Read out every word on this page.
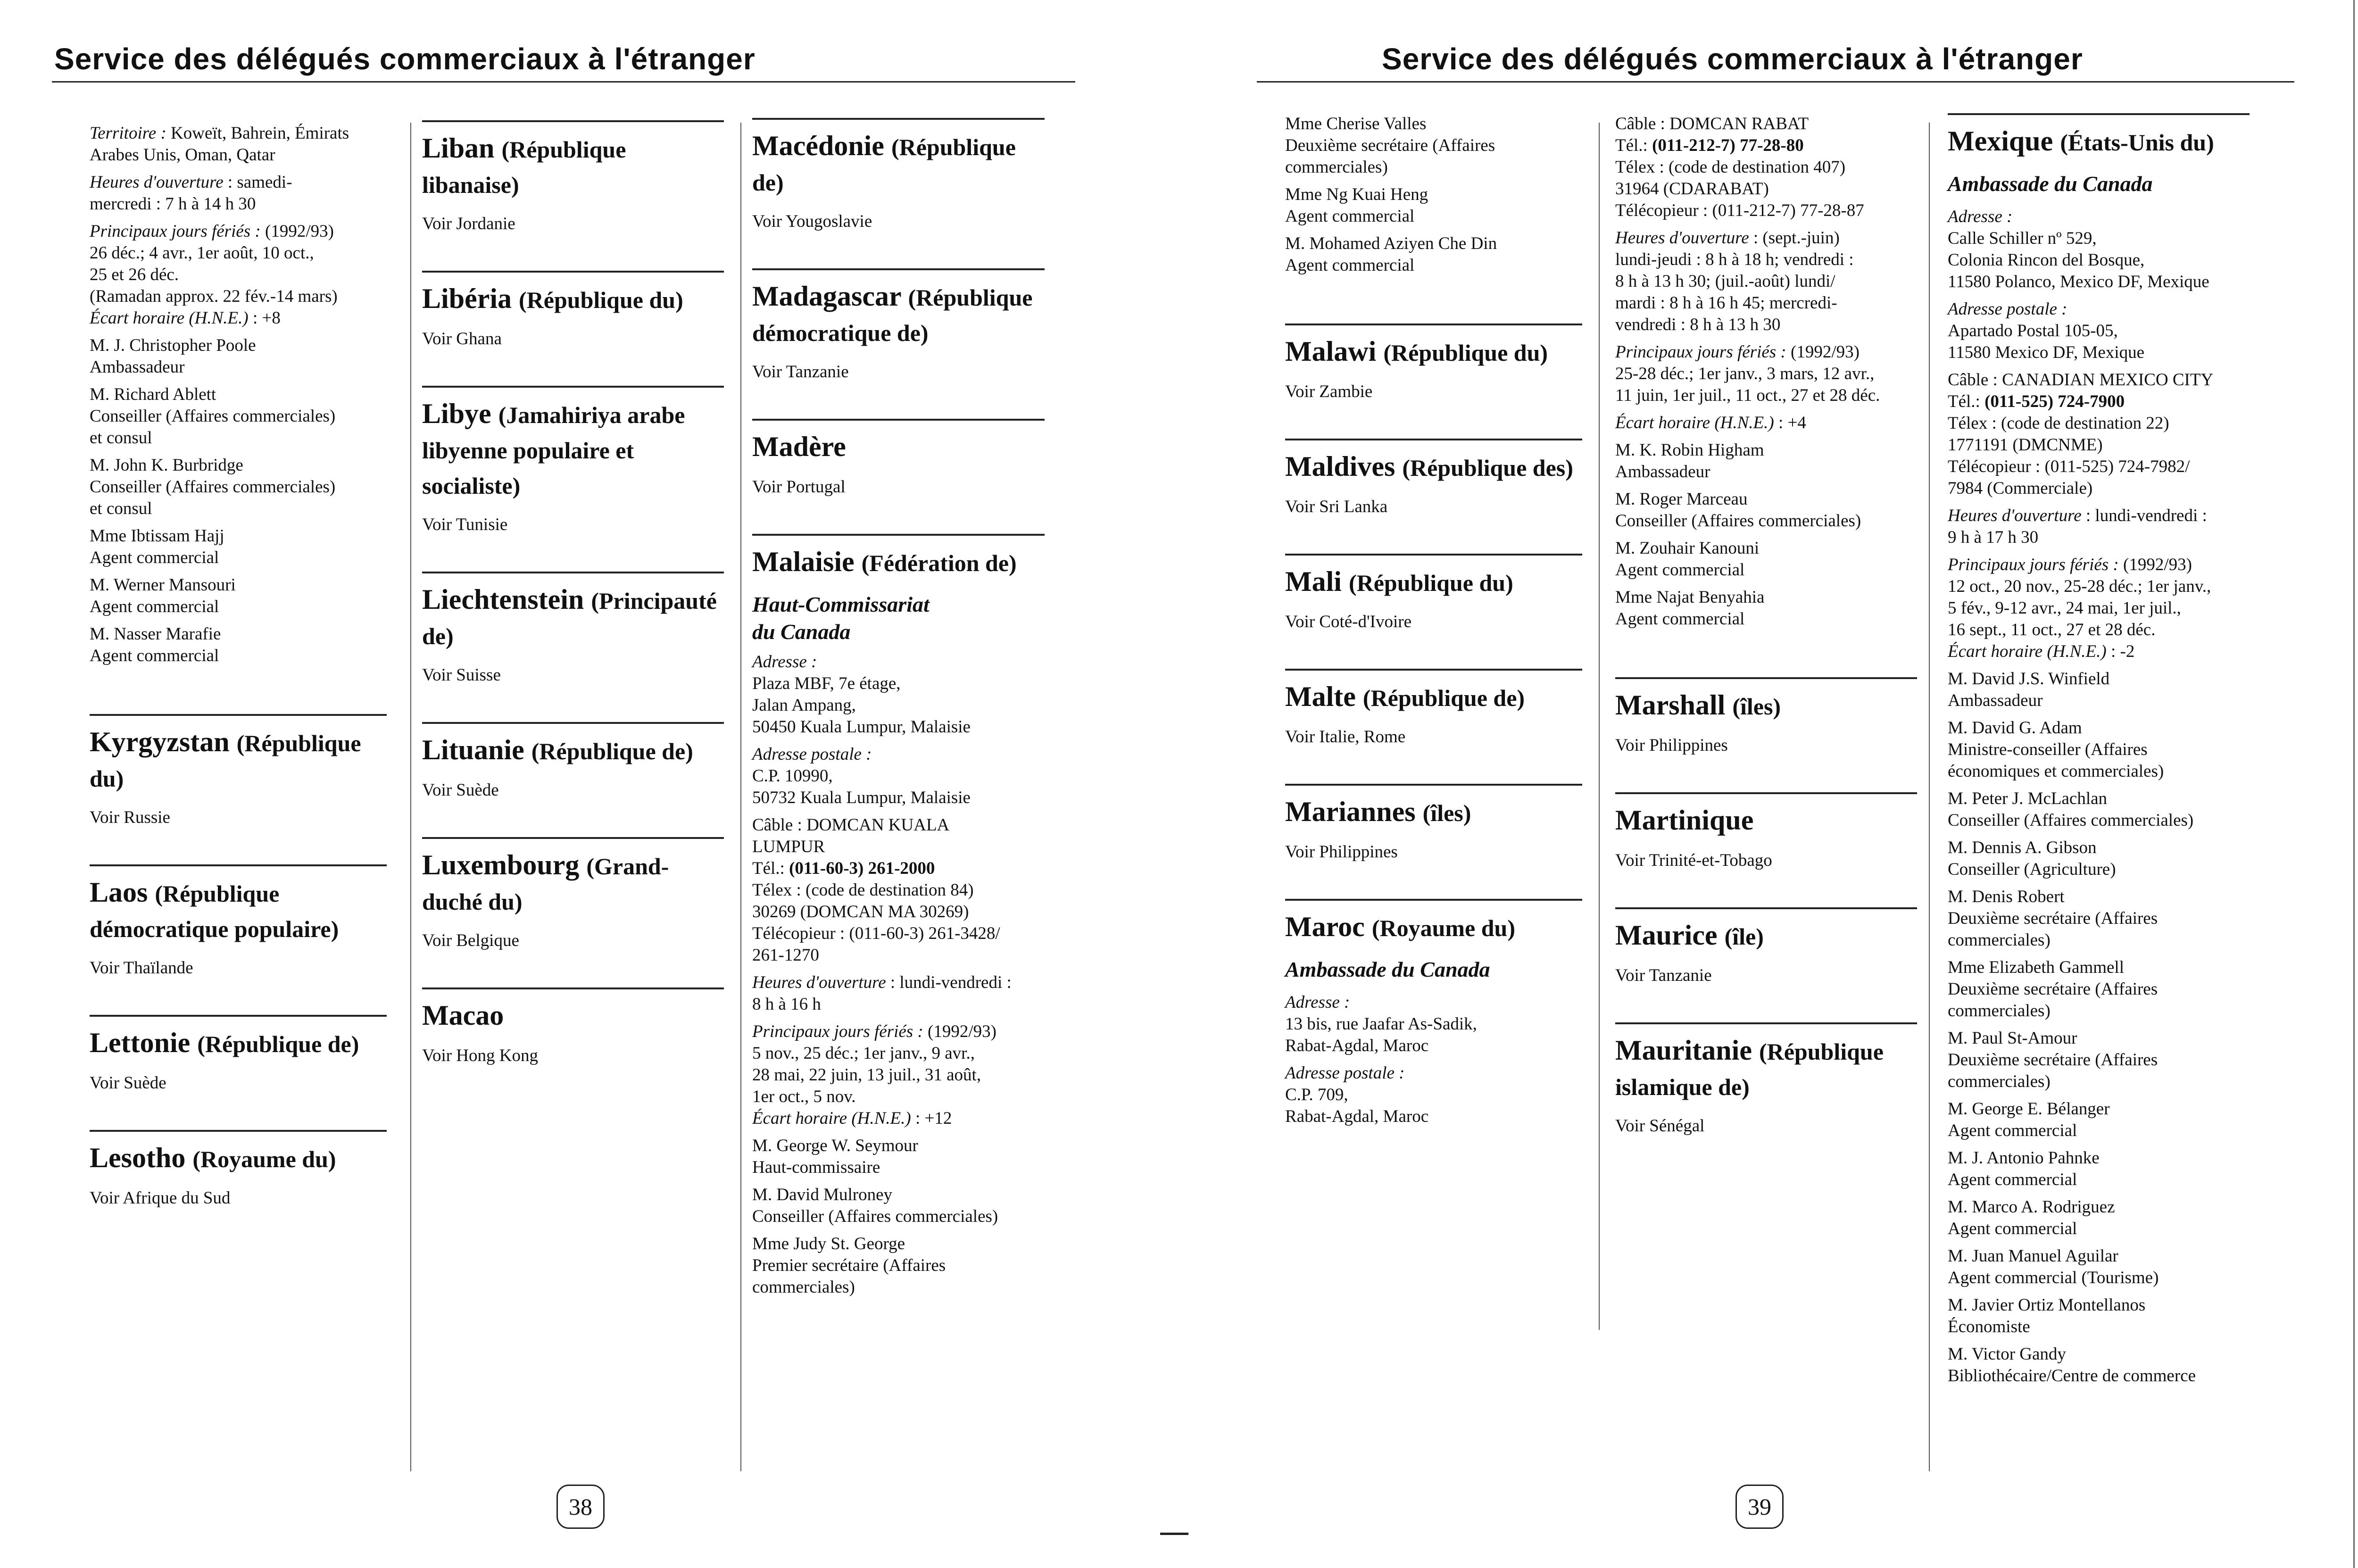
Service des délégués commerciaux à l'étranger

Territoire : Koweït, Bahrein, Émirats

Arabes Unis, Oman, Qatar

Heures d'ouverture : samedi-

mercredi : 7 h à 14 h 30

Principaux jours fériés : (1992/93)

26 déc.; 4 avr., 1er août, 10 oct.,

25 et 26 déc.

(Ramadan approx. 22 fév.-14 mars)

Écart horaire (H.N.E.) : +8

M. J. Christopher Poole

Ambassadeur

M. Richard Ablett

Conseiller (Affaires commerciales)

et consul

M. John K. Burbridge

Conseiller (Affaires commerciales)

et consul

Mme Ibtissam Hajj

Agent commercial

M. Werner Mansouri

Agent commercial

M. Nasser Marafie

Agent commercial

Kyrgyzstan (République du)

Voir Russie

Laos (République démocratique populaire)

Voir Thaïlande

Lettonie (République de)

Voir Suède

Lesotho (Royaume du)

Voir Afrique du Sud

Liban (République libanaise)

Voir Jordanie

Libéria (République du)

Voir Ghana

Libye (Jamahiriya arabe libyenne populaire et socialiste)

Voir Tunisie

Liechtenstein (Principauté de)

Voir Suisse

Lituanie (République de)

Voir Suède

Luxembourg (Grand-duché du)

Voir Belgique

Macao

Voir Hong Kong

Macédonie (République de)

Voir Yougoslavie

Madagascar (République démocratique de)

Voir Tanzanie

Madère

Voir Portugal

Malaisie (Fédération de)

Haut-Commissariat
du Canada

Adresse :

Plaza MBF, 7e étage,

Jalan Ampang,

50450 Kuala Lumpur, Malaisie

Adresse postale :

C.P. 10990,

50732 Kuala Lumpur, Malaisie

Câble : DOMCAN KUALA

LUMPUR

Tél.: (011-60-3) 261-2000

Télex : (code de destination 84)

30269 (DOMCAN MA 30269)

Télécopieur : (011-60-3) 261-3428/

261-1270

Heures d'ouverture : lundi-vendredi :

8 h à 16 h

Principaux jours fériés : (1992/93)

5 nov., 25 déc.; 1er janv., 9 avr.,

28 mai, 22 juin, 13 juil., 31 août,

1er oct., 5 nov.

Écart horaire (H.N.E.) : +12

M. George W. Seymour

Haut-commissaire

M. David Mulroney

Conseiller (Affaires commerciales)

Mme Judy St. George

Premier secrétaire (Affaires

commerciales)

38
Service des délégués commerciaux à l'étranger

Mme Cherise Valles

Deuxième secrétaire (Affaires

commerciales)

Mme Ng Kuai Heng

Agent commercial

M. Mohamed Aziyen Che Din

Agent commercial

Malawi (République du)

Voir Zambie

Maldives (République des)

Voir Sri Lanka

Mali (République du)

Voir Coté-d'Ivoire

Malte (République de)

Voir Italie, Rome

Mariannes (îles)

Voir Philippines

Maroc (Royaume du)

Ambassade du Canada

Adresse :

13 bis, rue Jaafar As-Sadik,

Rabat-Agdal, Maroc

Adresse postale :

C.P. 709,

Rabat-Agdal, Maroc

Câble : DOMCAN RABAT

Tél.: (011-212-7) 77-28-80

Télex : (code de destination 407)

31964 (CDARABAT)

Télécopieur : (011-212-7) 77-28-87

Heures d'ouverture : (sept.-juin)

lundi-jeudi : 8 h à 18 h; vendredi :

8 h à 13 h 30; (juil.-août) lundi/

mardi : 8 h à 16 h 45; mercredi-

vendredi : 8 h à 13 h 30

Principaux jours fériés : (1992/93)

25-28 déc.; 1er janv., 3 mars, 12 avr.,

11 juin, 1er juil., 11 oct., 27 et 28 déc.

Écart horaire (H.N.E.) : +4

M. K. Robin Higham

Ambassadeur

M. Roger Marceau

Conseiller (Affaires commerciales)

M. Zouhair Kanouni

Agent commercial

Mme Najat Benyahia

Agent commercial

Marshall (îles)

Voir Philippines

Martinique

Voir Trinité-et-Tobago

Maurice (île)

Voir Tanzanie

Mauritanie (République islamique de)

Voir Sénégal

Mexique (États-Unis du)

Ambassade du Canada

Adresse :

Calle Schiller nº 529,

Colonia Rincon del Bosque,

11580 Polanco, Mexico DF, Mexique

Adresse postale :

Apartado Postal 105-05,

11580 Mexico DF, Mexique

Câble : CANADIAN MEXICO CITY

Tél.: (011-525) 724-7900

Télex : (code de destination 22)

1771191 (DMCNME)

Télécopieur : (011-525) 724-7982/

7984 (Commerciale)

Heures d'ouverture : lundi-vendredi :

9 h à 17 h 30

Principaux jours fériés : (1992/93)

12 oct., 20 nov., 25-28 déc.; 1er janv.,

5 fév., 9-12 avr., 24 mai, 1er juil.,

16 sept., 11 oct., 27 et 28 déc.

Écart horaire (H.N.E.) : -2

M. David J.S. Winfield

Ambassadeur

M. David G. Adam

Ministre-conseiller (Affaires

économiques et commerciales)

M. Peter J. McLachlan

Conseiller (Affaires commerciales)

M. Dennis A. Gibson

Conseiller (Agriculture)

M. Denis Robert

Deuxième secrétaire (Affaires

commerciales)

Mme Elizabeth Gammell

Deuxième secrétaire (Affaires

commerciales)

M. Paul St-Amour

Deuxième secrétaire (Affaires

commerciales)

M. George E. Bélanger

Agent commercial

M. J. Antonio Pahnke

Agent commercial

M. Marco A. Rodriguez

Agent commercial

M. Juan Manuel Aguilar

Agent commercial (Tourisme)

M. Javier Ortiz Montellanos

Économiste

M. Victor Gandy

Bibliothécaire/Centre de commerce

39
